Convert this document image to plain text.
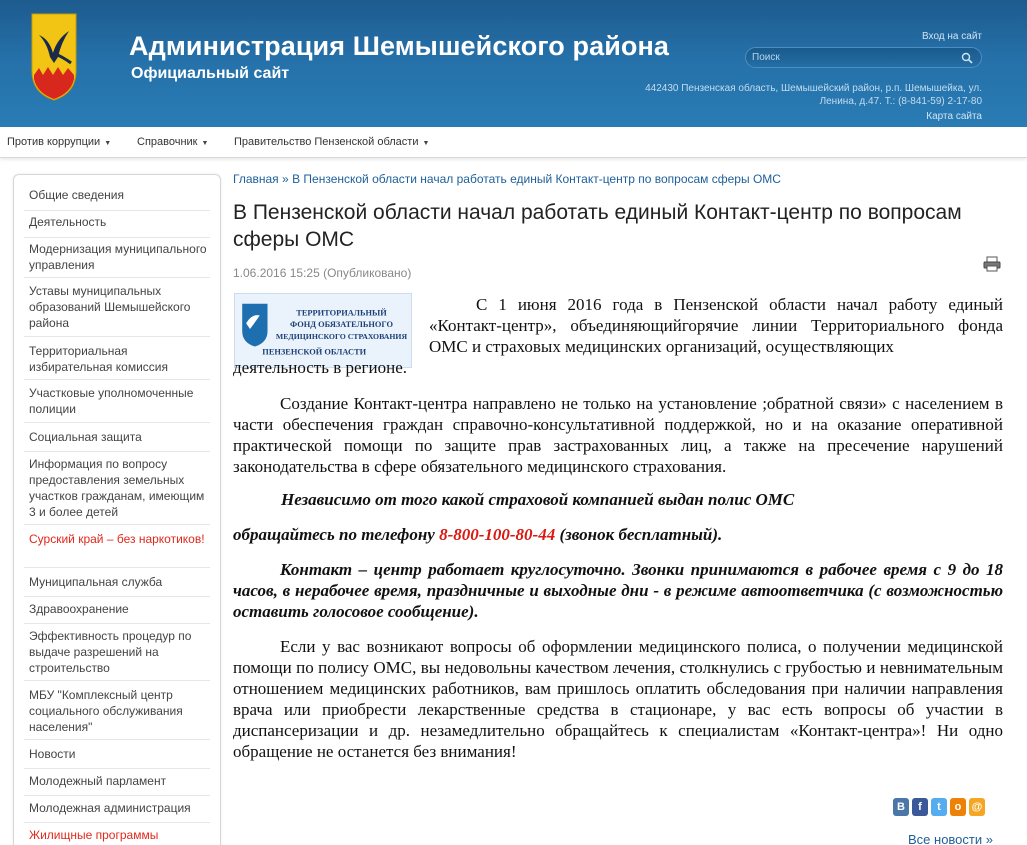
Администрация Шемышейского района
Официальный сайт
Вход на сайт
Поиск
442430 Пензенская область, Шемышейский район, р.п. Шемышейка, ул.
Ленина, д.47. Т.: (8-841-59) 2-17-80
Карта сайта
Против коррупции ▼ Справочник ▼ Правительство Пензенской области ▼
Общие сведения
Деятельность
Модернизация муниципального управления
Уставы муниципальных образований Шемышейского района
Территориальная избирательная комиссия
Участковые уполномоченные полиции
Социальная защита
Информация по вопросу предоставления земельных участков гражданам, имеющим 3 и более детей
Сурский край – без наркотиков!
Муниципальная служба
Здравоохранение
Эффективность процедур по выдаче разрешений на строительство
МБУ "Комплексный центр социального обслуживания населения"
Новости
Молодежный парламент
Молодежная администрация
Жилищные программы
Главная » В Пензенской области начал работать единый Контакт-центр по вопросам сферы ОМС
В Пензенской области начал работать единый Контакт-центр по вопросам сферы ОМС
1.06.2016 15:25 (Опубликовано)
ТЕРРИТОРИАЛЬНЫЙ
ФОНД ОБЯЗАТЕЛЬНОГО
МЕДИЦИНСКОГО СТРАХОВАНИЯ
ПЕНЗЕНСКОЙ ОБЛАСТИ
С 1 июня 2016 года в Пензенской области начал работу единый «Контакт-центр», объединяющийгорячие линии Территориального фонда ОМС и страховых медицинских организаций, осуществляющих
деятельность в регионе.
Создание Контакт-центра направлено не только на установление ;обратной связи» с населением в части обеспечения граждан справочно-консультативной поддержкой, но и на оказание оперативной практической помощи по защите прав застрахованных лиц, а также на пресечение нарушений законодательства в сфере обязательного медицинского страхования.
Независимо от того какой страховой компанией выдан полис ОМС
обращайтесь по телефону 8-800-100-80-44 (звонок бесплатный).
Контакт – центр работает круглосуточно. Звонки принимаются в рабочее время с 9 до 18 часов, в нерабочее время, праздничные и выходные дни - в режиме автоответчика (с возможностью оставить голосовое сообщение).
Если у вас возникают вопросы об оформлении медицинского полиса, о получении медицинской помощи по полису ОМС, вы недовольны качеством лечения, столкнулись с грубостью и невнимательным отношением медицинских работников, вам пришлось оплатить обследования при наличии направления врача или приобрести лекарственные средства в стационаре, у вас есть вопросы об участии в диспансеризации и др. незамедлительно обращайтесь к специалистам «Контакт-центра»! Ни одно обращение не останется без внимания!
В	f	t	o @
Все новости »
